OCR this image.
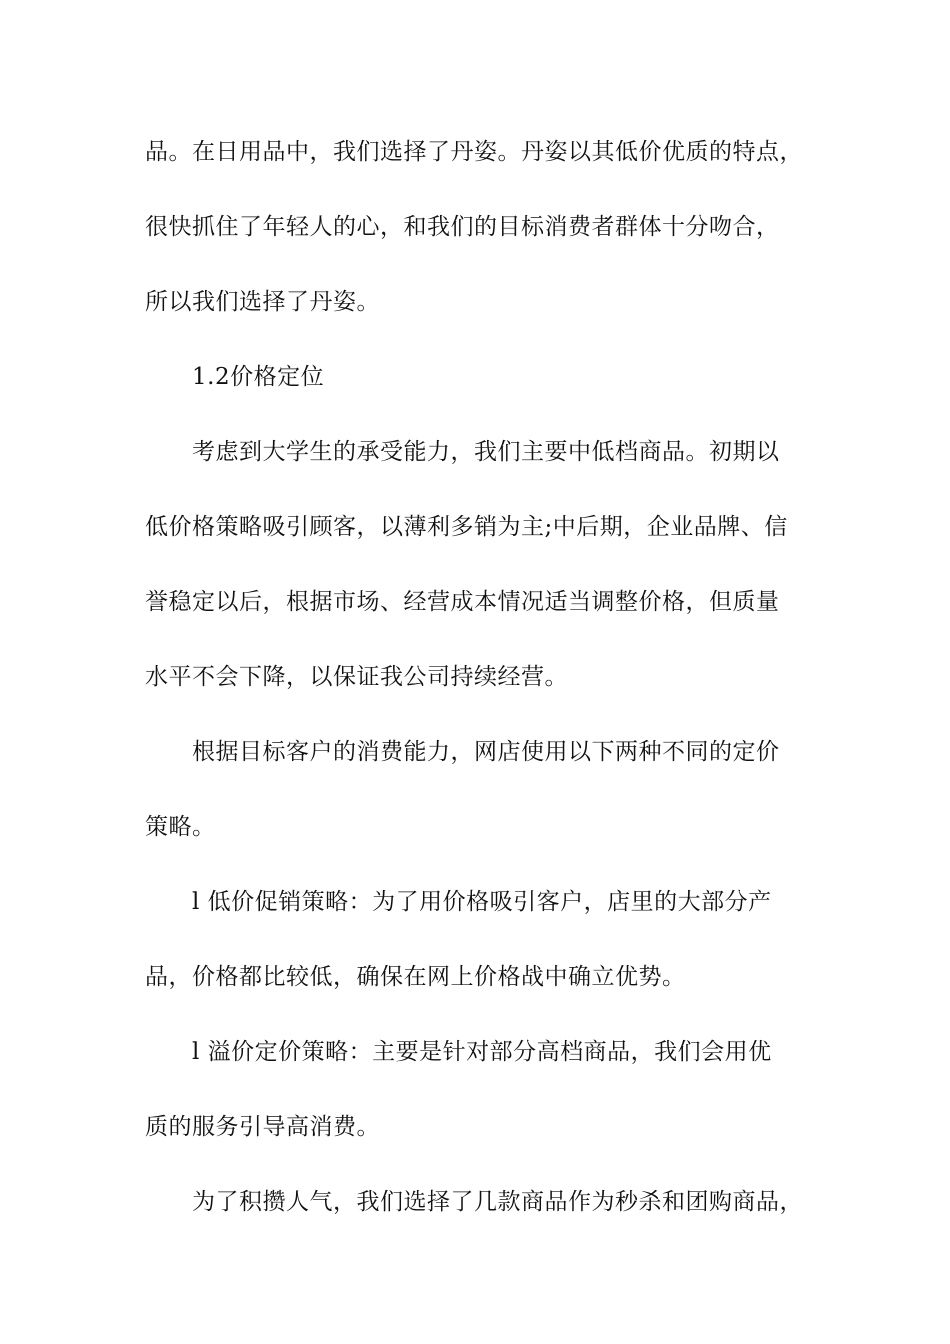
品。在日用品中，我们选择了丹姿。丹姿以其低价优质的特点，
很快抓住了年轻人的心，和我们的目标消费者群体十分吻合，
所以我们选择了丹姿。
1.2价格定位
考虑到大学生的承受能力，我们主要中低档商品。初期以
低价格策略吸引顾客，以薄利多销为主;中后期，企业品牌、信
誉稳定以后，根据市场、经营成本情况适当调整价格，但质量
水平不会下降，以保证我公司持续经营。
根据目标客户的消费能力，网店使用以下两种不同的定价
策略。
l 低价促销策略：为了用价格吸引客户，店里的大部分产
品，价格都比较低，确保在网上价格战中确立优势。
l 溢价定价策略：主要是针对部分高档商品，我们会用优
质的服务引导高消费。
为了积攒人气，我们选择了几款商品作为秒杀和团购商品，
